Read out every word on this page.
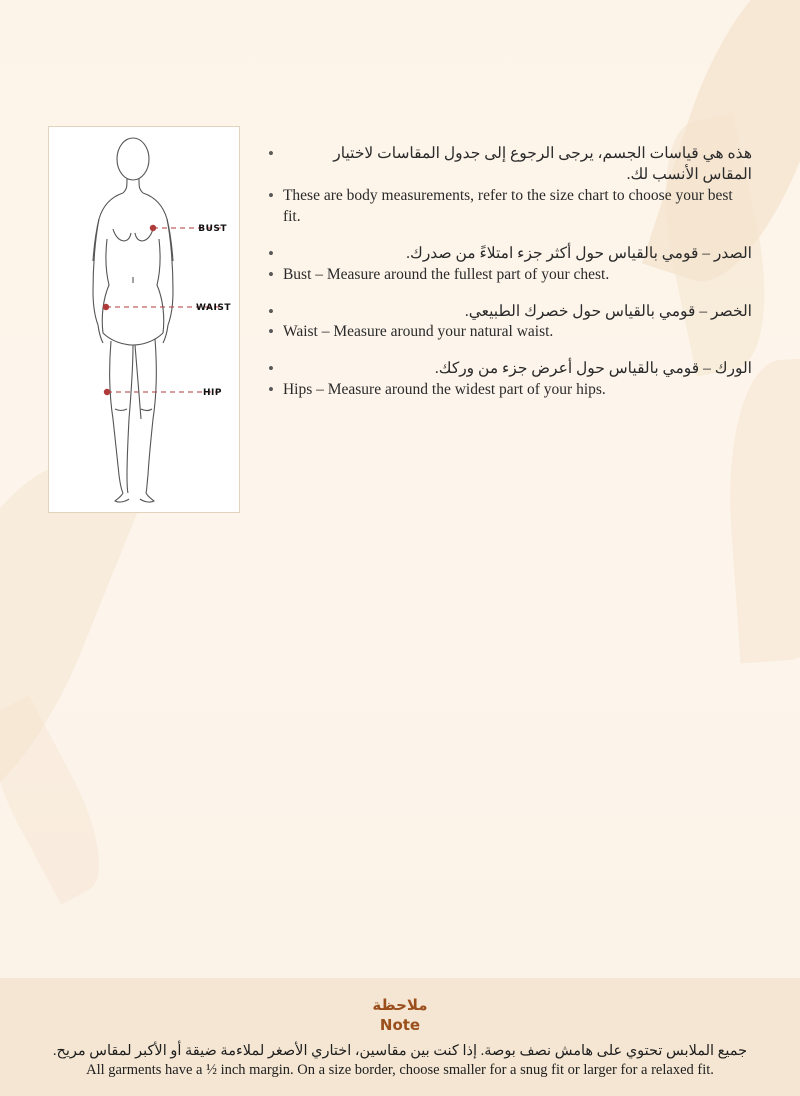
BUST
WAIST
HIP
•	هذه هي قياسات الجسم، يرجى الرجوع إلى جدول المقاسات لاختيار المقاس الأنسب لك.
• These are body measurements, refer to the size chart to choose your best fit.
•	الصدر – قومي بالقياس حول أكثر جزء امتلاءً من صدرك.
• Bust – Measure around the fullest part of your chest.
•	الخصر – قومي بالقياس حول خصرك الطبيعي.
• Waist – Measure around your natural waist.
•	الورك – قومي بالقياس حول أعرض جزء من وركك.
• Hips – Measure around the widest part of your hips.

ملاحظة
Note
جميع الملابس تحتوي على هامش نصف بوصة. إذا كنت بين مقاسين، اختاري الأصغر لملاءمة ضيقة أو الأكبر لمقاس مريح.
All garments have a ½ inch margin. On a size border, choose smaller for a snug fit or larger for a relaxed fit.
